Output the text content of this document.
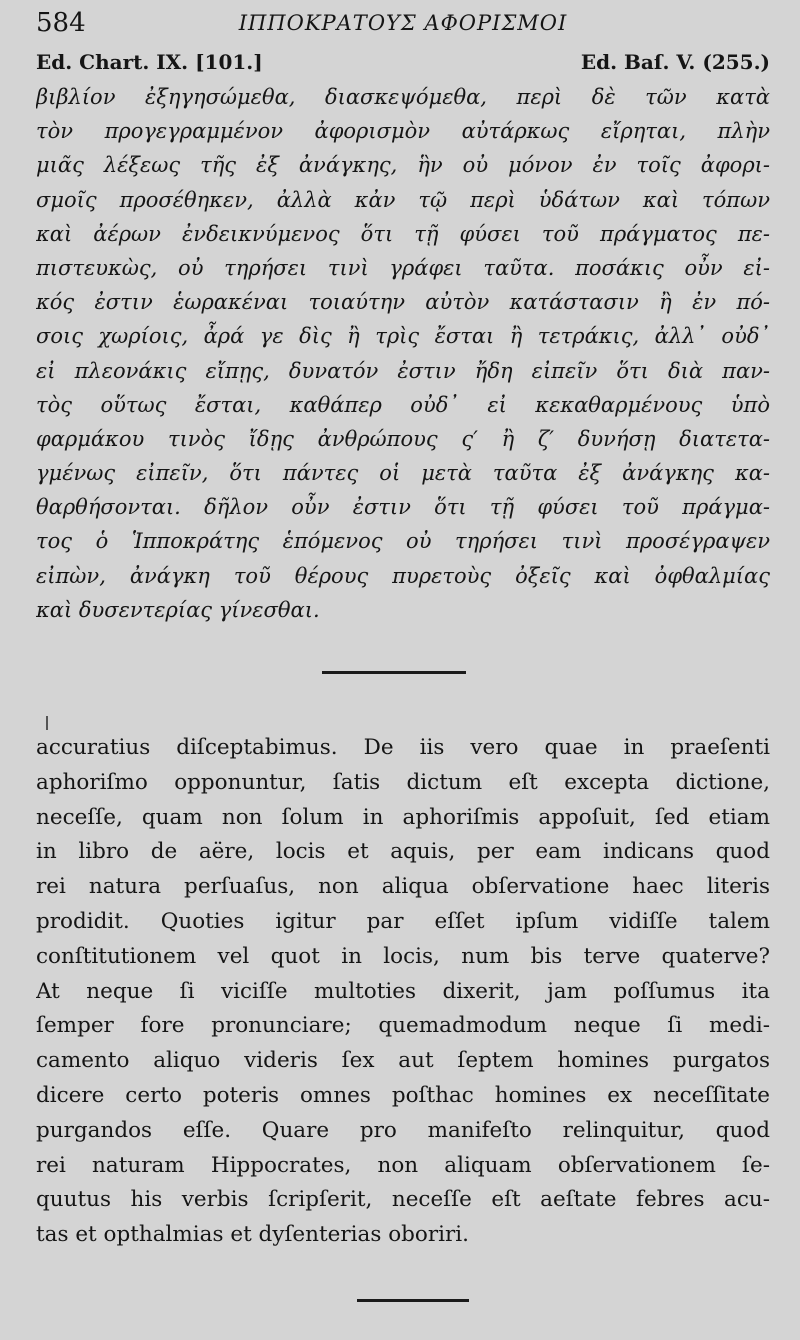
584	ΙΠΠΟΚΡΑΤΟΥΣ ΑΦΟΡΙΣΜΟΙ
Ed. Chart. IX. [101.]	Ed. Baſ. V. (255.)
βιβλίον ἐξηγησώμεθα, διασκεψόμεθα, περὶ δὲ τῶν κατὰ
τὸν προγεγραμμένον ἀφορισμὸν αὐτάρκως εἴρηται, πλὴν
μιᾶς λέξεως τῆς ἐξ ἀνάγκης, ἣν οὐ μόνον ἐν τοῖς ἀφορι-
σμοῖς προσέθηκεν, ἀλλὰ κἀν τῷ περὶ ὑδάτων καὶ τόπων
καὶ ἀέρων ἐνδεικνύμενος ὅτι τῇ φύσει τοῦ πράγματος πε-
πιστευκὼς, οὐ τηρήσει τινὶ γράφει ταῦτα. ποσάκις οὖν εἰ-
κός ἐστιν ἑωρακέναι τοιαύτην αὐτὸν κατάστασιν ἢ ἐν πό-
σοις χωρίοις, ἆρά γε δὶς ἢ τρὶς ἔσται ἢ τετράκις, ἀλλ᾽ οὐδ᾽
εἰ πλεονάκις εἴπῃς, δυνατόν ἐστιν ἤδη εἰπεῖν ὅτι διὰ παν-
τὸς οὕτως ἔσται, καθάπερ οὐδ᾽ εἰ κεκαθαρμένους ὑπὸ
φαρμάκου τινὸς ἴδῃς ἀνθρώπους ς′ ἢ ζ′ δυνήσῃ διατετα-
γμένως εἰπεῖν, ὅτι πάντες οἱ μετὰ ταῦτα ἐξ ἀνάγκης κα-
θαρθήσονται. δῆλον οὖν ἐστιν ὅτι τῇ φύσει τοῦ πράγμα-
τος ὁ Ἱπποκράτης ἑπόμενος οὐ τηρήσει τινὶ προσέγραψεν
εἰπὼν, ἀνάγκη τοῦ θέρους πυρετοὺς ὀξεῖς καὶ ὀφθαλμίας
καὶ δυσεντερίας γίνεσθαι.
accuratius diſceptabimus. De iis vero quae in praeſenti
aphoriſmo opponuntur, ſatis dictum eſt excepta dictione,
neceſſe, quam non ſolum in aphoriſmis appoſuit, ſed etiam
in libro de aëre, locis et aquis, per eam indicans quod
rei natura perſuaſus, non aliqua obſervatione haec literis
prodidit. Quoties igitur par eſſet ipſum vidiſſe talem
conſtitutionem vel quot in locis, num bis terve quaterve?
At neque ſi viciſſe multoties dixerit, jam poſſumus ita
ſemper fore pronunciare; quemadmodum neque ſi medi-
camento aliquo videris ſex aut ſeptem homines purgatos
dicere certo poteris omnes poſthac homines ex neceſſitate
purgandos eſſe. Quare pro manifeſto relinquitur, quod
rei naturam Hippocrates, non aliquam obſervationem ſe-
quutus his verbis ſcripſerit, neceſſe eſt aeſtate febres acu-
tas et opthalmias et dyſenterias oboriri.
